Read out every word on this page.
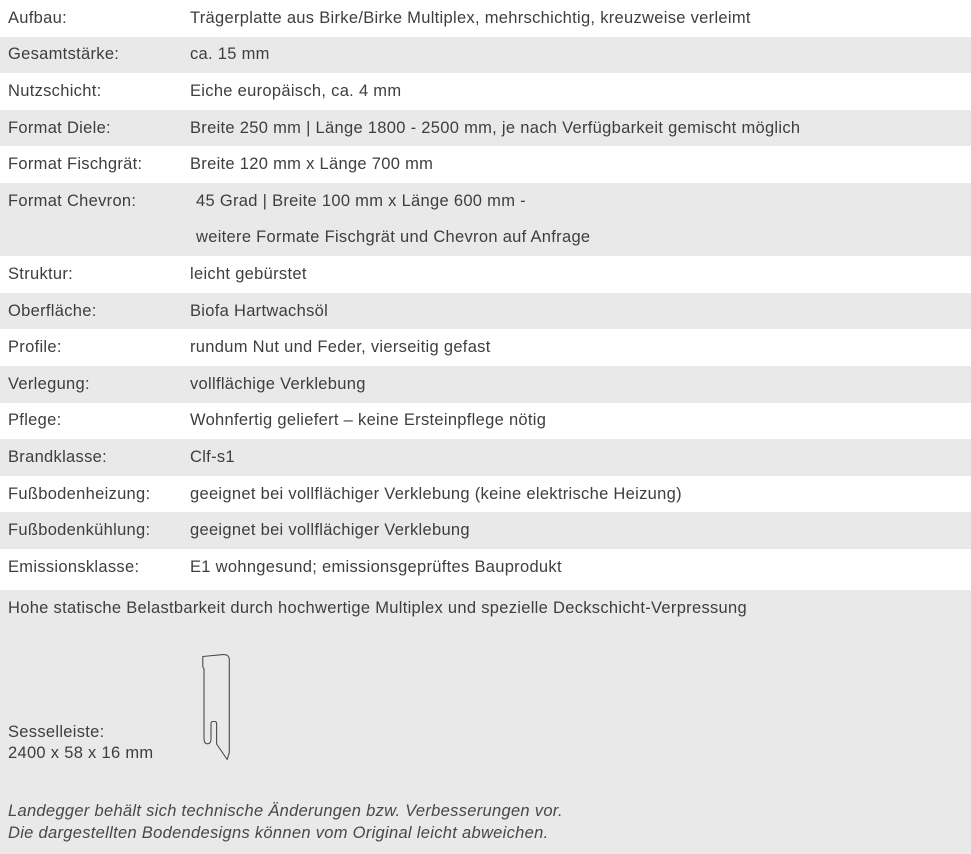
Aufbau:	Trägerplatte aus Birke/Birke Multiplex, mehrschichtig, kreuzweise verleimt
Gesamtstärke:	ca. 15 mm
Nutzschicht:	Eiche europäisch, ca. 4 mm
Format Diele:	Breite 250 mm | Länge 1800 - 2500 mm, je nach Verfügbarkeit gemischt möglich
Format Fischgrät:	Breite 120 mm x Länge 700 mm
Format Chevron:	45 Grad | Breite 100 mm x Länge 600 mm -
weitere Formate Fischgrät und Chevron auf Anfrage
Struktur:	leicht gebürstet
Oberfläche:	Biofa Hartwachsöl
Profile:	rundum Nut und Feder, vierseitig gefast
Verlegung:	vollflächige Verklebung
Pflege:	Wohnfertig geliefert – keine Ersteinpflege nötig
Brandklasse:	Clf-s1
Fußbodenheizung:	geeignet bei vollflächiger Verklebung (keine elektrische Heizung)
Fußbodenkühlung:	geeignet bei vollflächiger Verklebung
Emissionsklasse:	E1 wohngesund; emissionsgeprüftes Bauprodukt
Hohe statische Belastbarkeit durch hochwertige Multiplex und spezielle Deckschicht-Verpressung
Sesselleiste:
2400 x 58 x 16 mm
Landegger behält sich technische Änderungen bzw. Verbesserungen vor.
Die dargestellten Bodendesigns können vom Original leicht abweichen.
